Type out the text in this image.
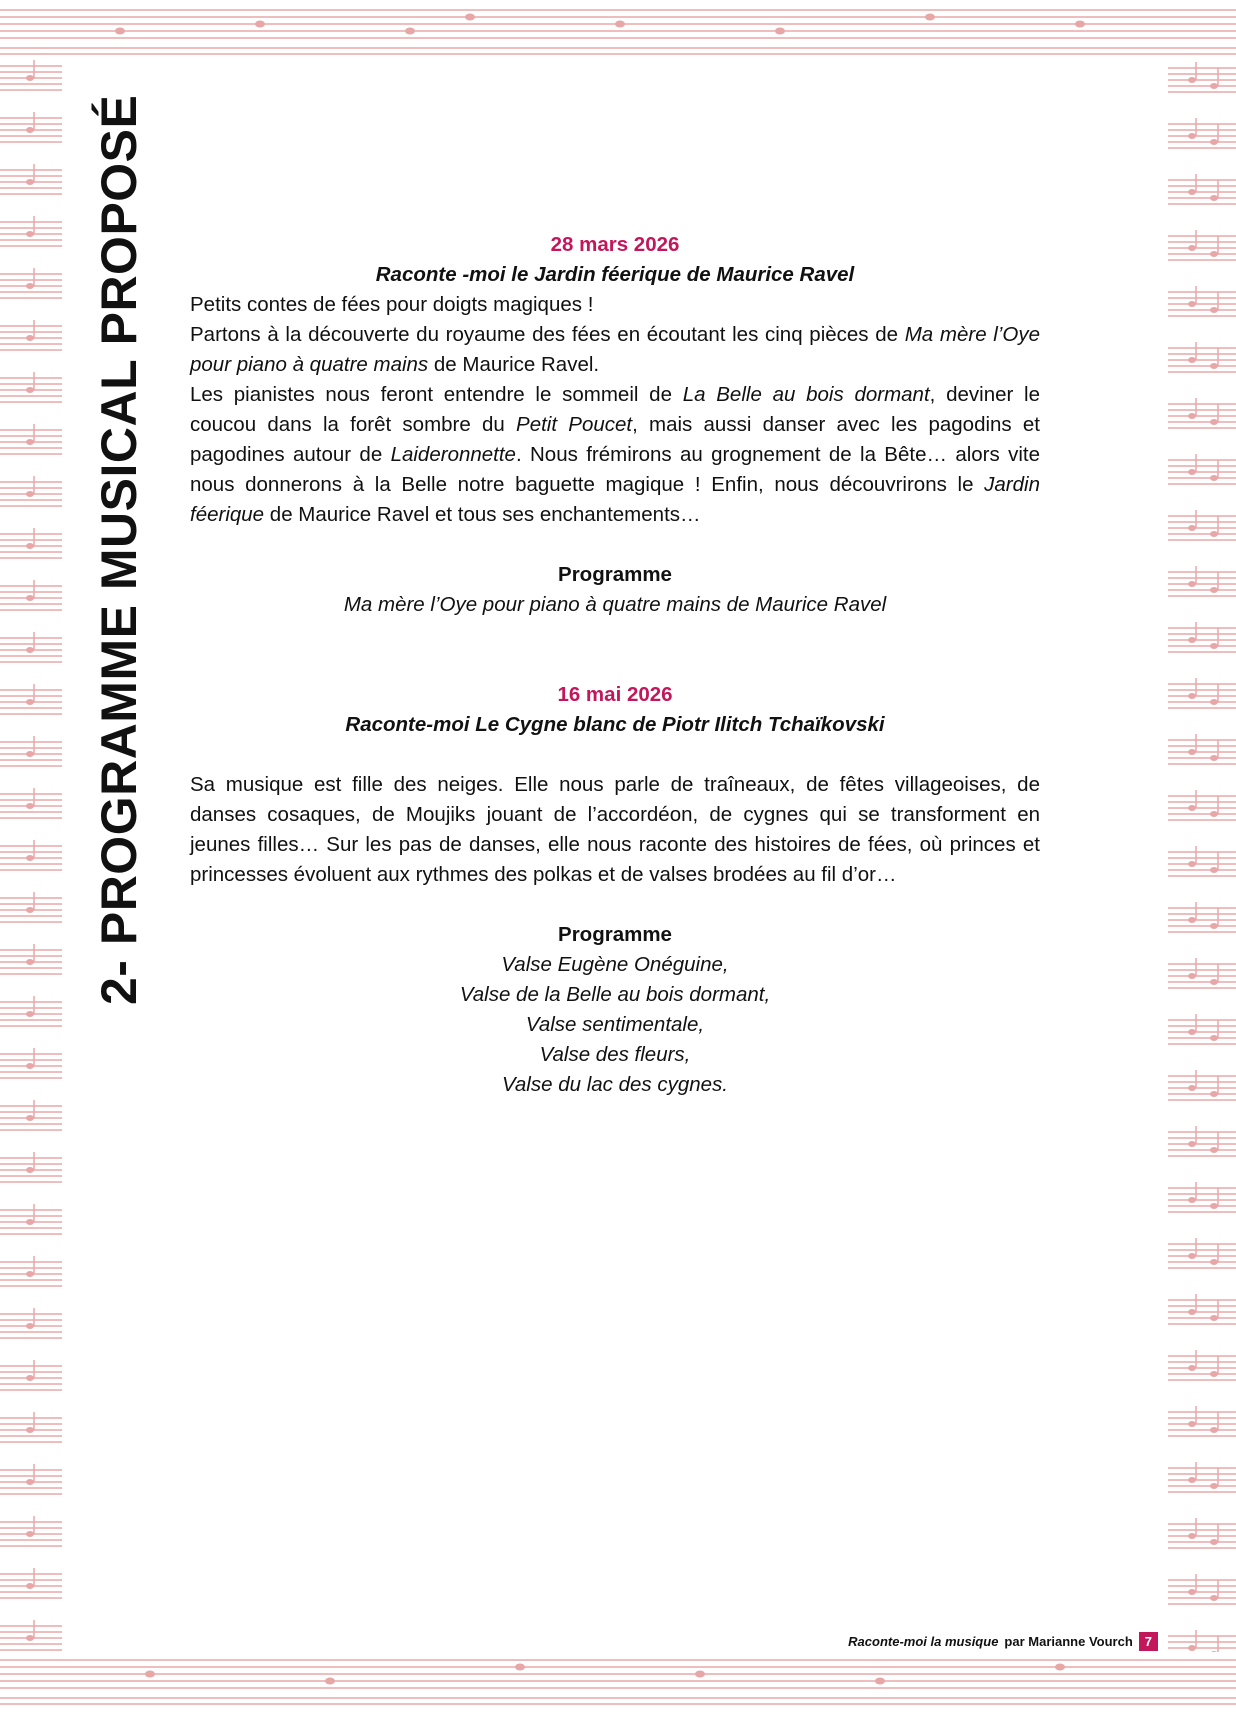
2- PROGRAMME MUSICAL PROPOSÉ	28 mars 2026
Raconte -moi le Jardin féerique de Maurice Ravel

Petits contes de fées pour doigts magiques !

Partons à la découverte du royaume des fées en écoutant les cinq pièces de Ma mère l’Oye pour piano à quatre mains de Maurice Ravel.

Les pianistes nous feront entendre le sommeil de La Belle au bois dormant, deviner le coucou dans la forêt sombre du Petit Poucet, mais aussi danser avec les pagodins et pagodines autour de Laideronnette. Nous frémirons au grognement de la Bête… alors vite nous donnerons à la Belle notre baguette magique ! Enfin, nous découvrirons le Jardin féerique de Maurice Ravel et tous ses enchantements…

Programme
Ma mère l’Oye pour piano à quatre mains de Maurice Ravel
16 mai 2026
Raconte-moi Le Cygne blanc de Piotr Ilitch Tchaïkovski

Sa musique est fille des neiges. Elle nous parle de traîneaux, de fêtes villageoises, de danses cosaques, de Moujiks jouant de l’accordéon, de cygnes qui se transforment en jeunes filles… Sur les pas de danses, elle nous raconte des histoires de fées, où princes et princesses évoluent aux rythmes des polkas et de valses brodées au fil d’or…

Programme
Valse Eugène Onéguine,
Valse de la Belle au bois dormant,
Valse sentimentale,
Valse des fleurs,
Valse du lac des cygnes.
Raconte-moi la musique par Marianne Vourch 7
